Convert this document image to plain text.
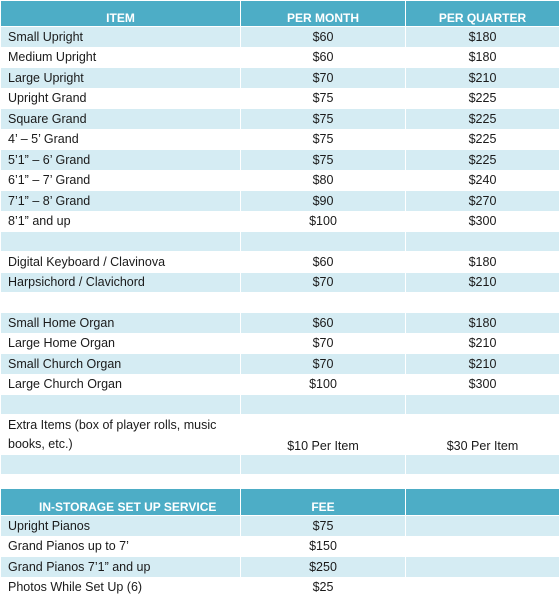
ITEM	PER MONTH	PER QUARTER
Small Upright	$60	$180
Medium Upright	$60	$180
Large Upright	$70	$210
Upright Grand	$75	$225
Square Grand	$75	$225
4’ – 5’ Grand	$75	$225
5’1” – 6’ Grand	$75	$225
6’1” – 7’ Grand	$80	$240
7’1” – 8’ Grand	$90	$270
8’1” and up	$100	$300

Digital Keyboard / Clavinova	$60	$180
Harpsichord / Clavichord	$70	$210

Small Home Organ	$60	$180
Large Home Organ	$70	$210
Small Church Organ	$70	$210
Large Church Organ	$100	$300

Extra Items (box of player rolls, music books, etc.)	$10 Per Item	$30 Per Item

IN-STORAGE SET UP SERVICE	FEE	
Upright Pianos	$75	
Grand Pianos up to 7’	$150	
Grand Pianos 7’1” and up	$250	
Photos While Set Up (6)	$25	
